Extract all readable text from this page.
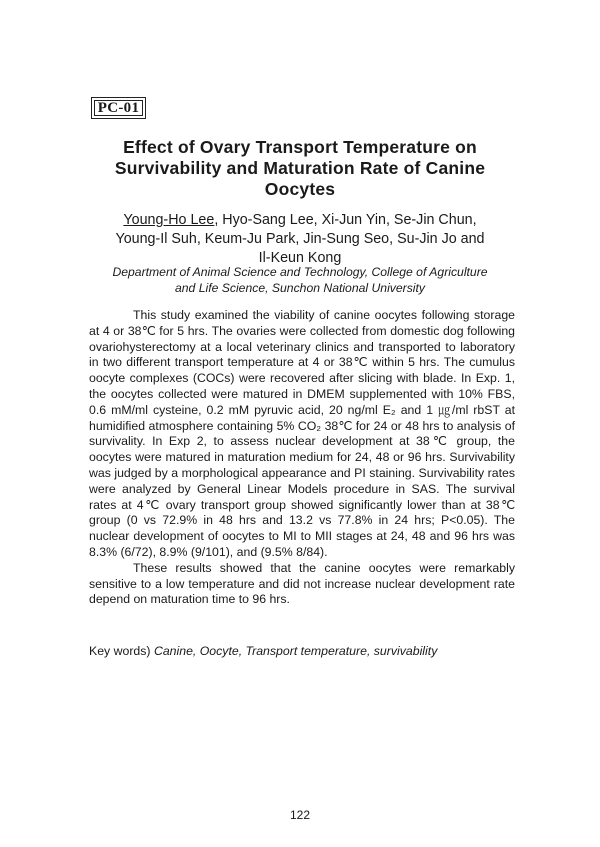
PC-01
Effect of Ovary Transport Temperature on
Survivability and Maturation Rate of Canine
Oocytes
Young-Ho Lee, Hyo-Sang Lee, Xi-Jun Yin, Se-Jin Chun,
Young-Il Suh, Keum-Ju Park, Jin-Sung Seo, Su-Jin Jo and
Il-Keun Kong
Department of Animal Science and Technology, College of Agriculture
and Life Science, Sunchon National University

This study examined the viability of canine oocytes following storage at 4 or 38℃ for 5 hrs. The ovaries were collected from domestic dog following ovariohysterectomy at a local veterinary clinics and transported to laboratory in two different transport temperature at 4 or 38℃ within 5 hrs. The cumulus oocyte complexes (COCs) were recovered after slicing with blade. In Exp. 1, the oocytes collected were matured in DMEM supplemented with 10% FBS, 0.6 mM/ml cysteine, 0.2 mM pyruvic acid, 20 ng/ml E₂ and 1 ㎍/ml rbST at humidified atmosphere containing 5% CO₂ 38℃ for 24 or 48 hrs to analysis of survivality. In Exp 2, to assess nuclear development at 38℃ group, the oocytes were matured in maturation medium for 24, 48 or 96 hrs. Survivability was judged by a morphological appearance and PI staining. Survivability rates were analyzed by General Linear Models procedure in SAS. The survival rates at 4℃ ovary transport group showed significantly lower than at 38℃ group (0 vs 72.9% in 48 hrs and 13.2 vs 77.8% in 24 hrs; P<0.05). The nuclear development of oocytes to MI to MII stages at 24, 48 and 96 hrs was 8.3% (6/72), 8.9% (9/101), and (9.5% 8/84).

These results showed that the canine oocytes were remarkably sensitive to a low temperature and did not increase nuclear development rate depend on maturation time to 96 hrs.

Key words) Canine, Oocyte, Transport temperature, survivability
122
